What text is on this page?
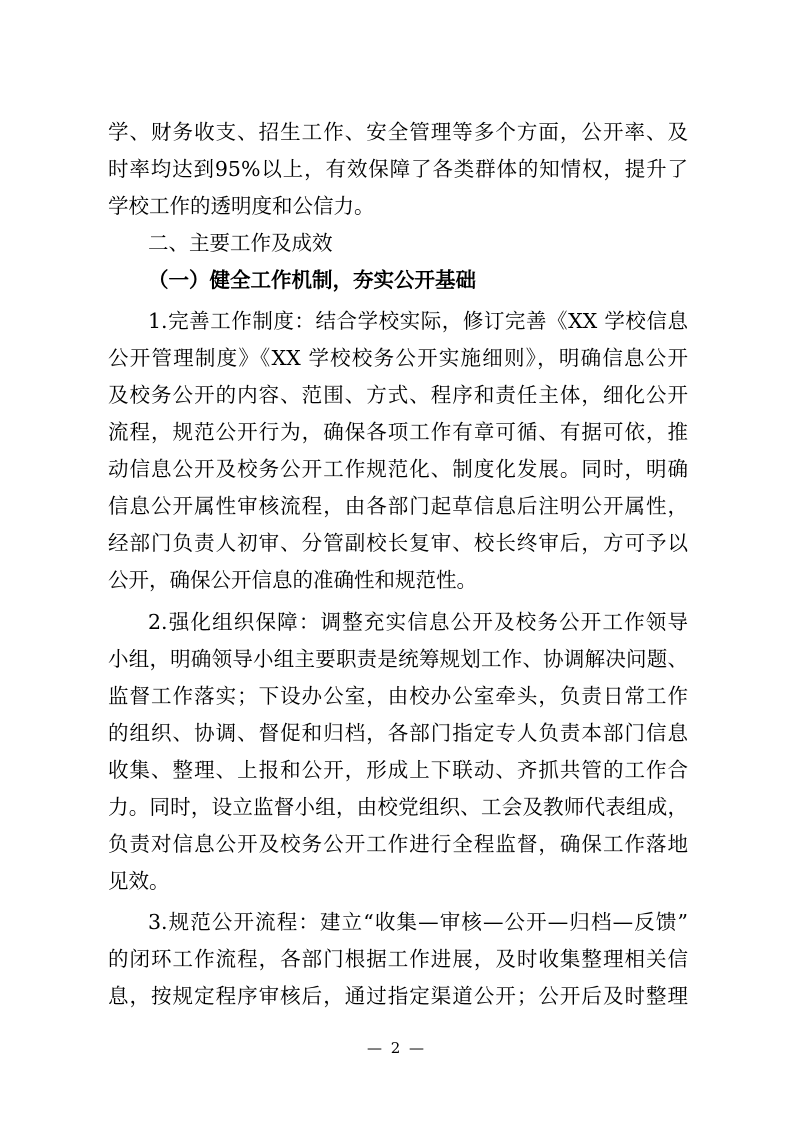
学、财务收支、招生工作、安全管理等多个方面，公开率、及
时率均达到95%以上，有效保障了各类群体的知情权，提升了
学校工作的透明度和公信力。
二、主要工作及成效
（一）健全工作机制，夯实公开基础
1.完善工作制度：结合学校实际，修订完善《XX 学校信息
公开管理制度》《XX 学校校务公开实施细则》，明确信息公开
及校务公开的内容、范围、方式、程序和责任主体，细化公开
流程，规范公开行为，确保各项工作有章可循、有据可依，推
动信息公开及校务公开工作规范化、制度化发展。同时，明确
信息公开属性审核流程，由各部门起草信息后注明公开属性，
经部门负责人初审、分管副校长复审、校长终审后，方可予以
公开，确保公开信息的准确性和规范性。
2.强化组织保障：调整充实信息公开及校务公开工作领导
小组，明确领导小组主要职责是统筹规划工作、协调解决问题、
监督工作落实；下设办公室，由校办公室牵头，负责日常工作
的组织、协调、督促和归档，各部门指定专人负责本部门信息
收集、整理、上报和公开，形成上下联动、齐抓共管的工作合
力。同时，设立监督小组，由校党组织、工会及教师代表组成，
负责对信息公开及校务公开工作进行全程监督，确保工作落地
见效。
3.规范公开流程：建立“收集—审核—公开—归档—反馈”
的闭环工作流程，各部门根据工作进展，及时收集整理相关信
息，按规定程序审核后，通过指定渠道公开；公开后及时整理
— 2 —
